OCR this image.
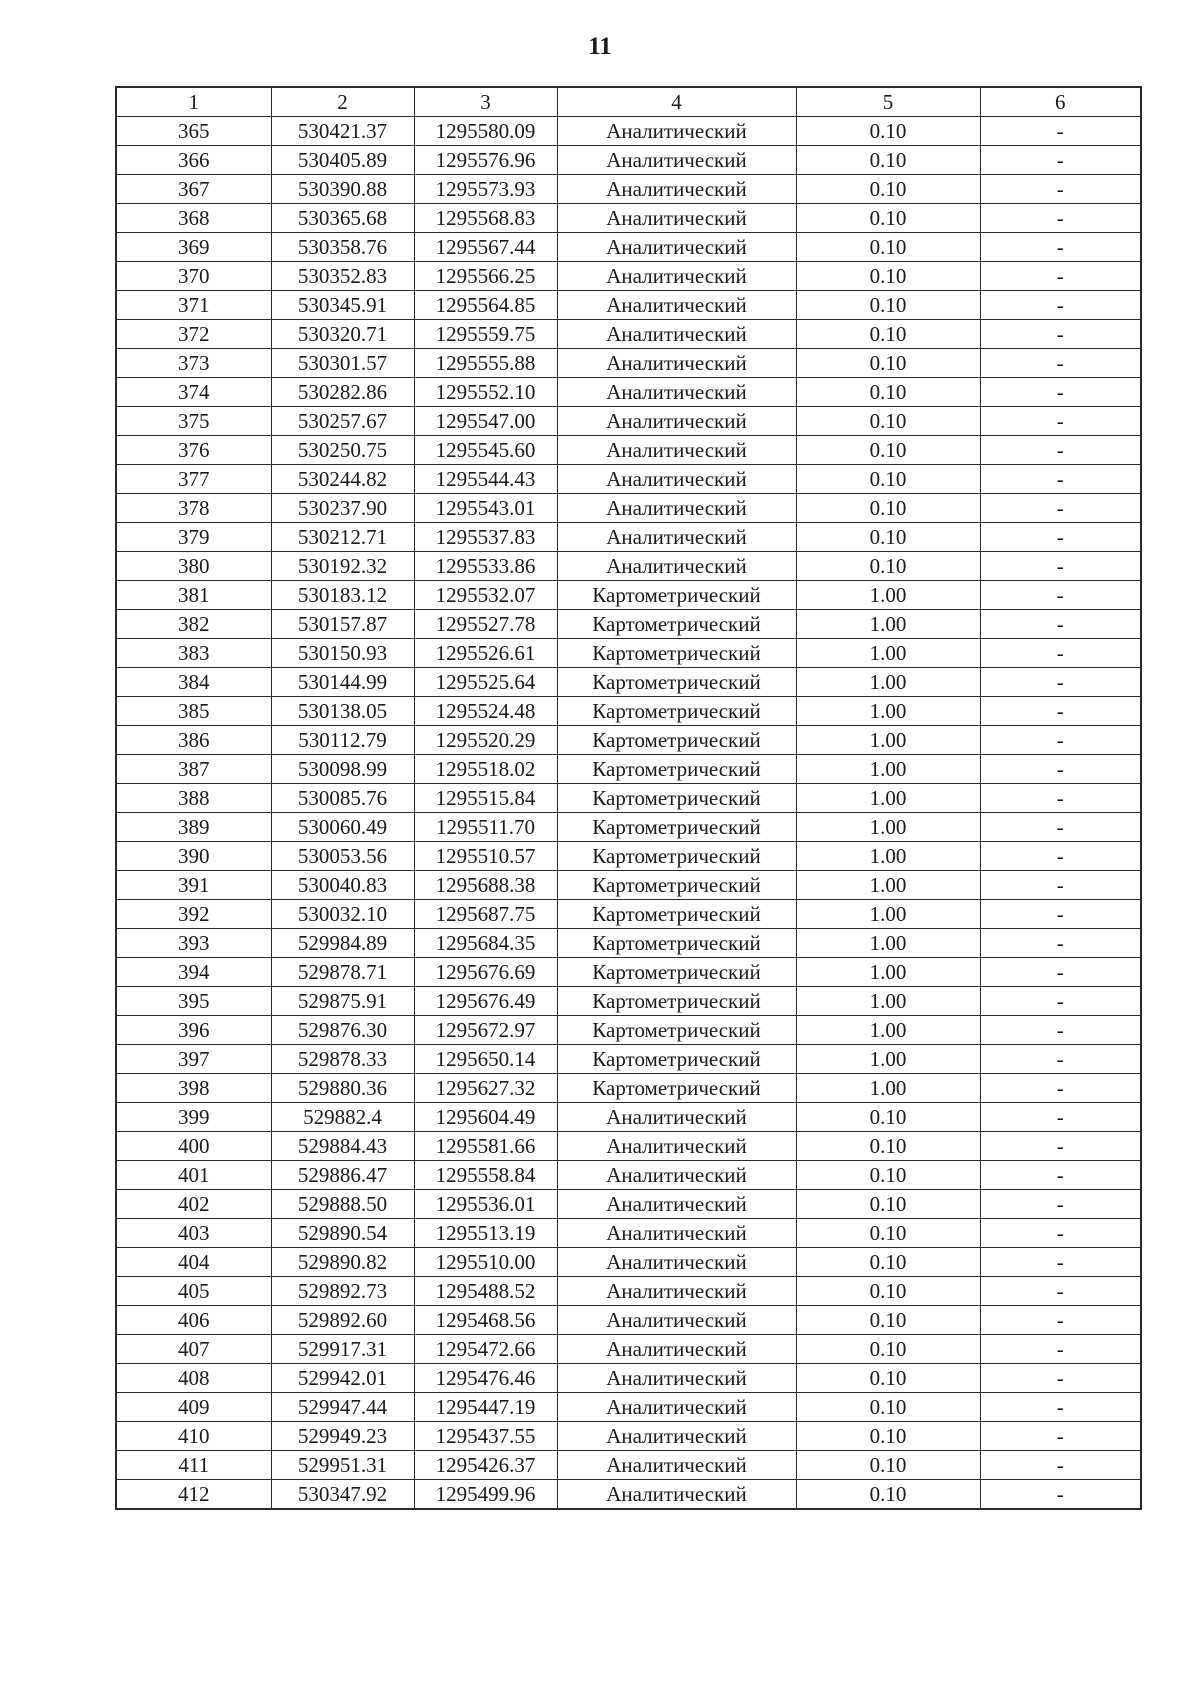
11
1	2	3	4	5	6
365	530421.37	1295580.09	Аналитический	0.10	-
366	530405.89	1295576.96	Аналитический	0.10	-
367	530390.88	1295573.93	Аналитический	0.10	-
368	530365.68	1295568.83	Аналитический	0.10	-
369	530358.76	1295567.44	Аналитический	0.10	-
370	530352.83	1295566.25	Аналитический	0.10	-
371	530345.91	1295564.85	Аналитический	0.10	-
372	530320.71	1295559.75	Аналитический	0.10	-
373	530301.57	1295555.88	Аналитический	0.10	-
374	530282.86	1295552.10	Аналитический	0.10	-
375	530257.67	1295547.00	Аналитический	0.10	-
376	530250.75	1295545.60	Аналитический	0.10	-
377	530244.82	1295544.43	Аналитический	0.10	-
378	530237.90	1295543.01	Аналитический	0.10	-
379	530212.71	1295537.83	Аналитический	0.10	-
380	530192.32	1295533.86	Аналитический	0.10	-
381	530183.12	1295532.07	Картометрический	1.00	-
382	530157.87	1295527.78	Картометрический	1.00	-
383	530150.93	1295526.61	Картометрический	1.00	-
384	530144.99	1295525.64	Картометрический	1.00	-
385	530138.05	1295524.48	Картометрический	1.00	-
386	530112.79	1295520.29	Картометрический	1.00	-
387	530098.99	1295518.02	Картометрический	1.00	-
388	530085.76	1295515.84	Картометрический	1.00	-
389	530060.49	1295511.70	Картометрический	1.00	-
390	530053.56	1295510.57	Картометрический	1.00	-
391	530040.83	1295688.38	Картометрический	1.00	-
392	530032.10	1295687.75	Картометрический	1.00	-
393	529984.89	1295684.35	Картометрический	1.00	-
394	529878.71	1295676.69	Картометрический	1.00	-
395	529875.91	1295676.49	Картометрический	1.00	-
396	529876.30	1295672.97	Картометрический	1.00	-
397	529878.33	1295650.14	Картометрический	1.00	-
398	529880.36	1295627.32	Картометрический	1.00	-
399	529882.4	1295604.49	Аналитический	0.10	-
400	529884.43	1295581.66	Аналитический	0.10	-
401	529886.47	1295558.84	Аналитический	0.10	-
402	529888.50	1295536.01	Аналитический	0.10	-
403	529890.54	1295513.19	Аналитический	0.10	-
404	529890.82	1295510.00	Аналитический	0.10	-
405	529892.73	1295488.52	Аналитический	0.10	-
406	529892.60	1295468.56	Аналитический	0.10	-
407	529917.31	1295472.66	Аналитический	0.10	-
408	529942.01	1295476.46	Аналитический	0.10	-
409	529947.44	1295447.19	Аналитический	0.10	-
410	529949.23	1295437.55	Аналитический	0.10	-
411	529951.31	1295426.37	Аналитический	0.10	-
412	530347.92	1295499.96	Аналитический	0.10	-
